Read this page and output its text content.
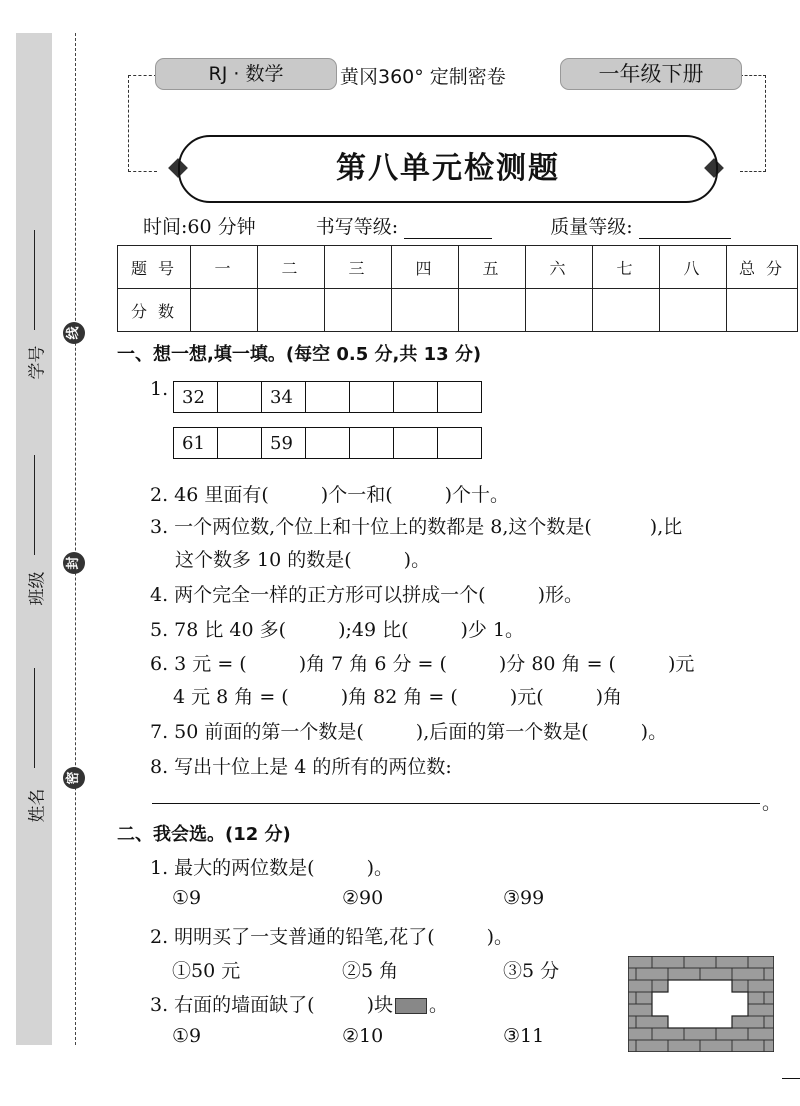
学号
班级
姓名
线
封
密
RJ · 数学	黄冈360° 定制密卷	一年级下册
第八单元检测题
时间:60 分钟	书写等级:	质量等级:
题 号	一	二	三	四	五	六	七	八	总 分
分 数									
一、想一想,填一填。(每空 0.5 分,共 13 分)
1. 32		34				
61		59				
2. 46 里面有(	)个一和(	)个十。
3. 一个两位数,个位上和十位上的数都是 8,这个数是(	),比
这个数多 10 的数是(	)。
4. 两个完全一样的正方形可以拼成一个(	)形。
5. 78 比 40 多(	);49 比(	)少 1。
6. 3 元 = (	)角 7 角 6 分 = (	)分 80 角 = (	)元
4 元 8 角 = (	)角 82 角 = (	)元(	)角
7. 50 前面的第一个数是(	),后面的第一个数是(	)。
8. 写出十位上是 4 的所有的两位数:
。
二、我会选。(12 分)
1. 最大的两位数是(	)。
①9	②90	③99
2. 明明买了一支普通的铅笔,花了(	)。
①50 元	②5 角	③5 分
3. 右面的墙面缺了(	)块 。
①9	②10	③11
